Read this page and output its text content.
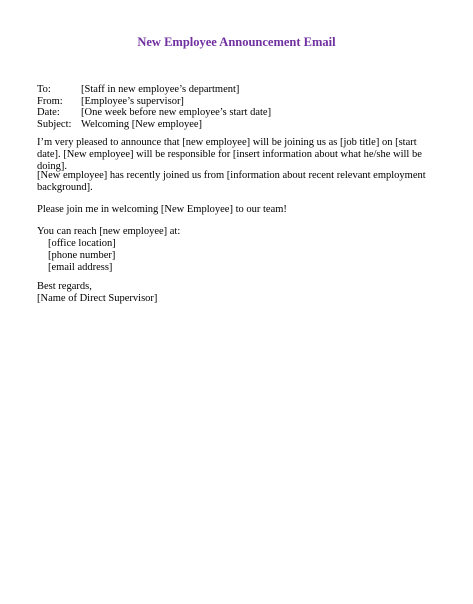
New Employee Announcement Email
To:	[Staff in new employee’s department]
From:	[Employee’s supervisor]
Date:	[One week before new employee’s start date]
Subject: Welcoming [New employee]
I’m very pleased to announce that [new employee] will be joining us as [job title] on [start date]. [New employee] will be responsible for [insert information about what he/she will be doing].
[New employee] has recently joined us from [information about recent relevant employment background].
Please join me in welcoming [New Employee] to our team!
You can reach [new employee] at:
[office location]
[phone number]
[email address]
Best regards,
[Name of Direct Supervisor]
